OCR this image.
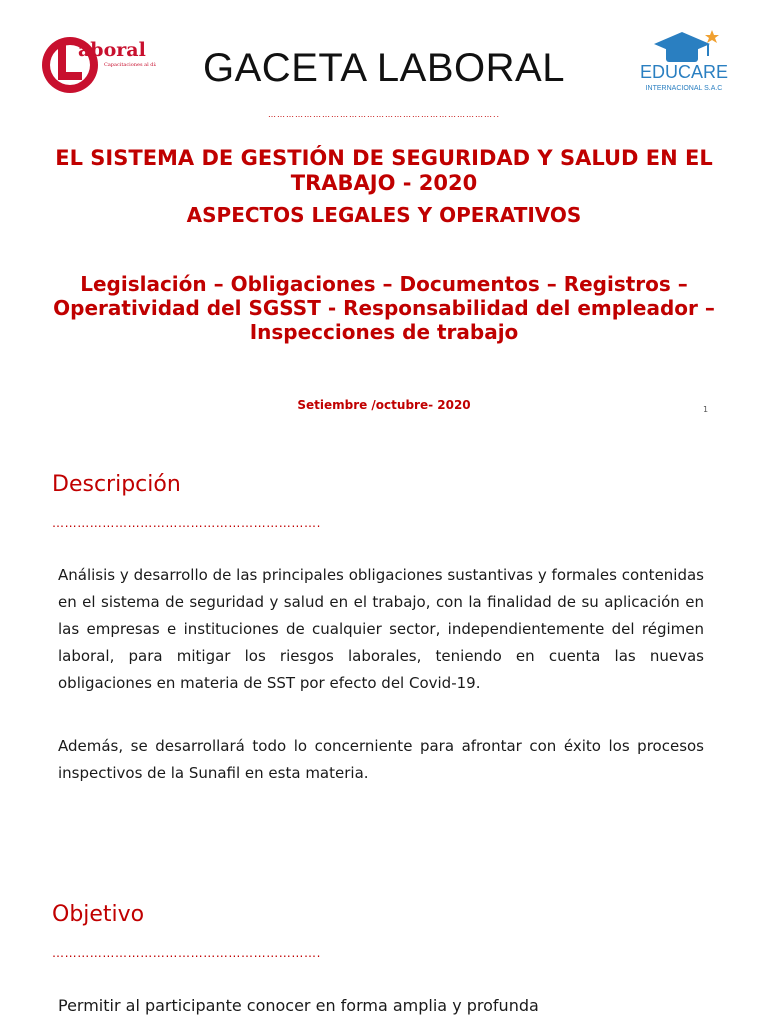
aboral
Capacitaciones al día	GACETA LABORAL	EDUCARE
INTERNACIONAL S.A.C
…………………………………………………………………..
EL SISTEMA DE GESTIÓN DE SEGURIDAD Y SALUD EN EL TRABAJO - 2020
ASPECTOS LEGALES Y OPERATIVOS
Legislación – Obligaciones – Documentos – Registros –Operatividad del SGSST - Responsabilidad del empleador – Inspecciones de trabajo
Setiembre /octubre- 2020	1
Descripción
……………………………………………………….
Análisis y desarrollo de las principales obligaciones sustantivas y formales contenidas en el sistema de seguridad y salud en el trabajo, con la finalidad de su aplicación en las empresas e instituciones de cualquier sector, independientemente del régimen laboral, para mitigar los riesgos laborales, teniendo en cuenta las nuevas obligaciones en materia de SST por efecto del Covid-19.
Además, se desarrollará todo lo concerniente para afrontar con éxito los procesos inspectivos de la Sunafil en esta materia.
Objetivo
……………………………………………………….
Permitir al participante conocer en forma amplia y profunda
